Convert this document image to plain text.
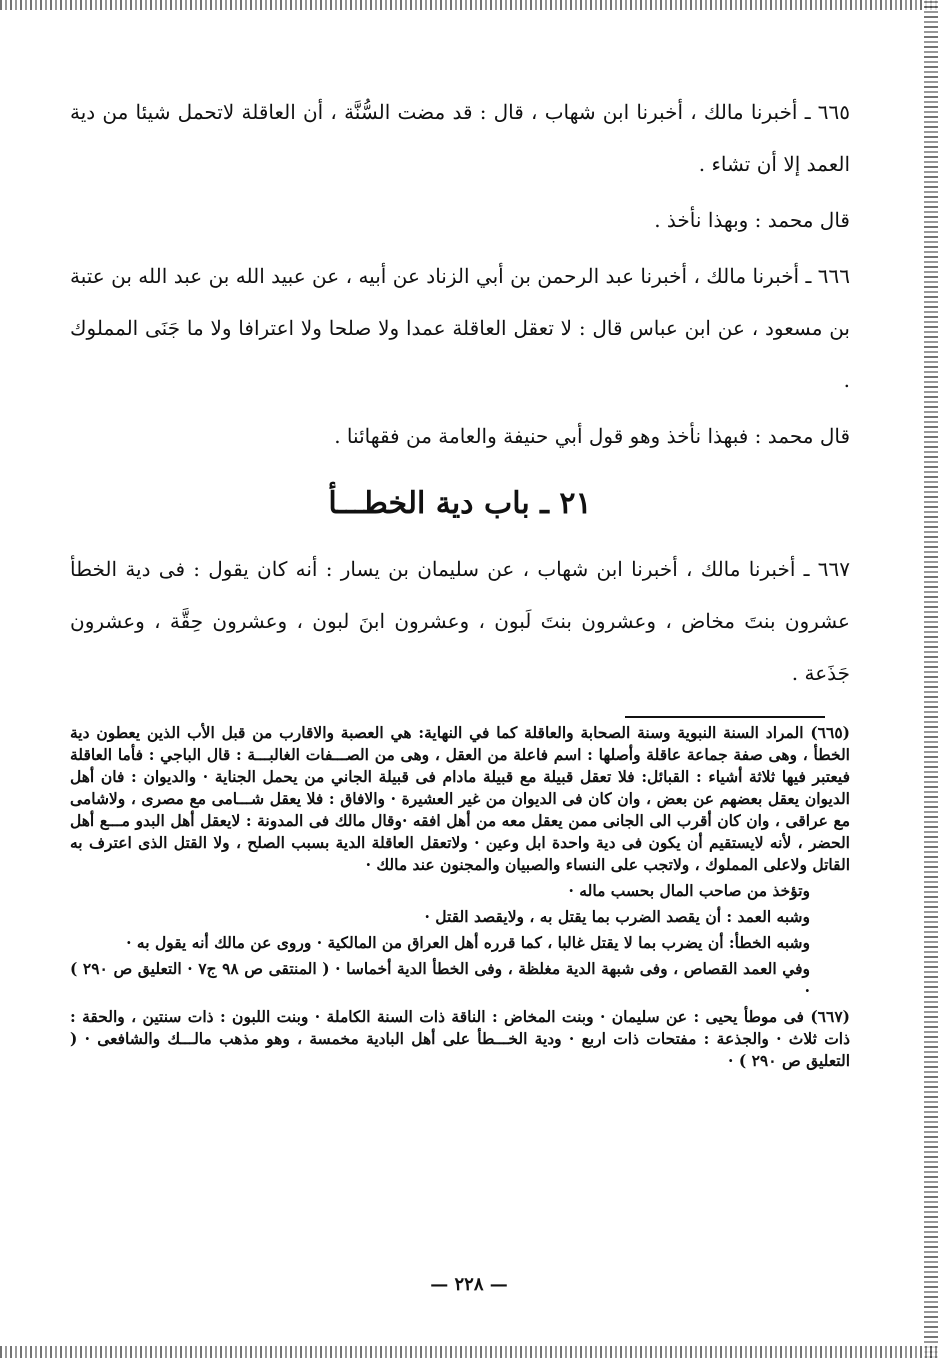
٦٦٥ ـ أخبرنا مالك ، أخبرنا ابن شهاب ، قال : قد مضت السُّنَّة ، أن العاقلة لاتحمل شيئا من دية العمد إلا أن تشاء .

قال محمد : وبهذا نأخذ .

٦٦٦ ـ أخبرنا مالك ، أخبرنا عبد الرحمن بن أبي الزناد عن أبيه ، عن عبيد الله بن عبد الله بن عتبة بن مسعود ، عن ابن عباس قال : لا تعقل العاقلة عمدا ولا صلحا ولا اعترافا ولا ما جَنَى المملوك .

قال محمد : فبهذا نأخذ وهو قول أبي حنيفة والعامة من فقهائنا .

٢١ ـ باب دية الخطـــأ

٦٦٧ ـ أخبرنا مالك ، أخبرنا ابن شهاب ، عن سليمان بن يسار : أنه كان يقول : فى دية الخطأ عشرون بنتَ مخاض ، وعشرون بنتَ لَبون ، وعشرون ابنَ لبون ، وعشرون حِقَّة ، وعشرون جَذَعة .

(٦٦٥) المراد السنة النبوية وسنة الصحابة والعاقلة كما في النهاية: هي العصبة والاقارب من قبل الأب الذين يعطون دية الخطأ ، وهى صفة جماعة عاقلة وأصلها : اسم فاعلة من العقل ، وهى من الصـــفات الغالبـــة : قال الباجي : فأما العاقلة فيعتبر فيها ثلاثة أشياء : القبائل: فلا تعقل قبيلة مع قبيلة مادام فى قبيلة الجاني من يحمل الجناية · والديوان : فان أهل الديوان يعقل بعضهم عن بعض ، وان كان فى الديوان من غير العشيرة · والافاق : فلا يعقل شـــامى مع مصرى ، ولاشامى مع عراقى ، وان كان أقرب الى الجانى ممن يعقل معه من أهل افقه ·وقال مالك فى المدونة : لايعقل أهل البدو مـــع أهل الحضر ، لأنه لايستقيم أن يكون فى دية واحدة ابل وعين · ولاتعقل العاقلة الدية بسبب الصلح ، ولا القتل الذى اعترف به القاتل ولاعلى المملوك ، ولاتجب على النساء والصبيان والمجنون عند مالك ·

وتؤخذ من صاحب المال بحسب ماله ·

وشبه العمد : أن يقصد الضرب بما يقتل به ، ولايقصد القتل ·

وشبه الخطأ: أن يضرب بما لا يقتل غالبا ، كما قرره أهل العراق من المالكية · وروى عن مالك أنه يقول به ·

وفي العمد القصاص ، وفى شبهة الدية مغلظة ، وفى الخطأ الدية أخماسا · ( المنتقى ص ٩٨ ج٧ · التعليق ص ٢٩٠ ) ·

(٦٦٧) فى موطأ يحيى : عن سليمان · وبنت المخاض : الناقة ذات السنة الكاملة · وبنت اللبون : ذات سنتين ، والحقة : ذات ثلاث · والجذعة : مفتحات ذات اربع · ودية الخـــطأ على أهل البادية مخمسة ، وهو مذهب مالـــك والشافعى · ( التعليق ص ٢٩٠ ) ·

— ٢٢٨ —
